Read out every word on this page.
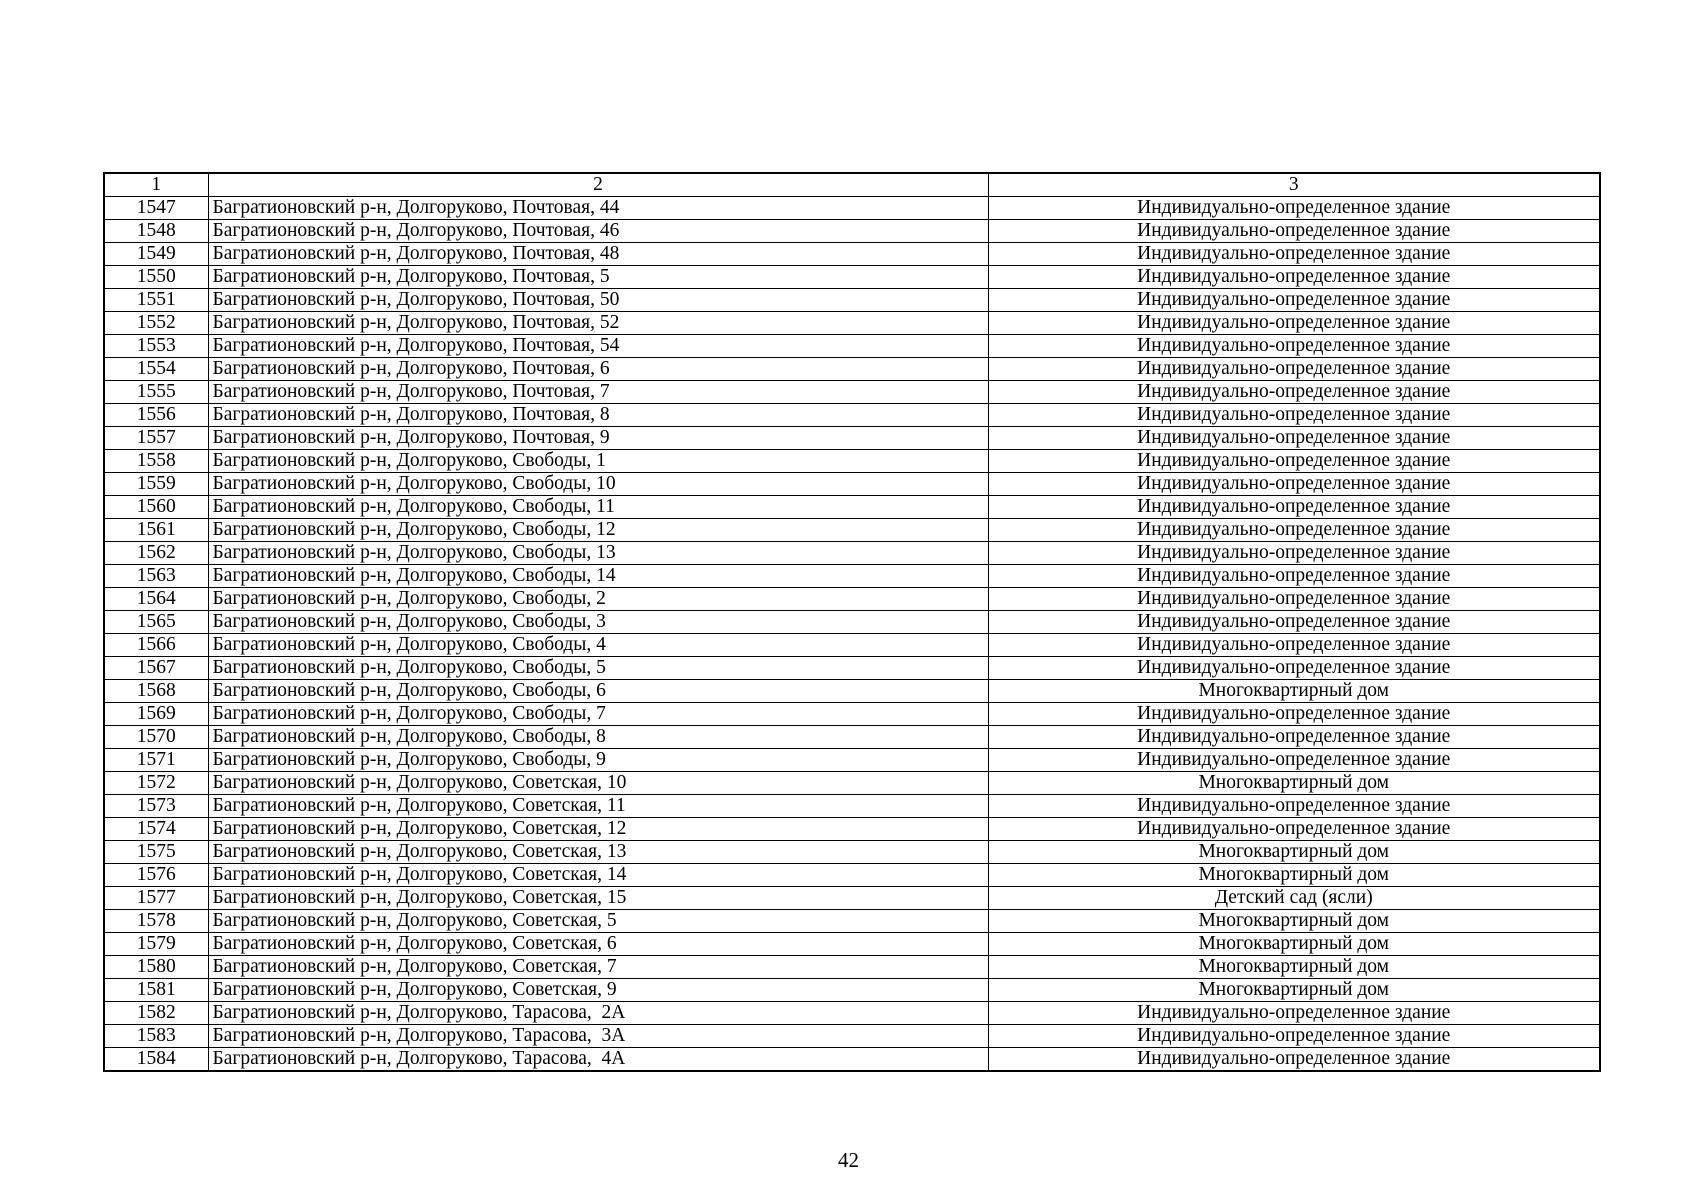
1	2	3
1547	Багратионовский р-н, Долгоруково, Почтовая, 44	Индивидуально-определенное здание
1548	Багратионовский р-н, Долгоруково, Почтовая, 46	Индивидуально-определенное здание
1549	Багратионовский р-н, Долгоруково, Почтовая, 48	Индивидуально-определенное здание
1550	Багратионовский р-н, Долгоруково, Почтовая, 5	Индивидуально-определенное здание
1551	Багратионовский р-н, Долгоруково, Почтовая, 50	Индивидуально-определенное здание
1552	Багратионовский р-н, Долгоруково, Почтовая, 52	Индивидуально-определенное здание
1553	Багратионовский р-н, Долгоруково, Почтовая, 54	Индивидуально-определенное здание
1554	Багратионовский р-н, Долгоруково, Почтовая, 6	Индивидуально-определенное здание
1555	Багратионовский р-н, Долгоруково, Почтовая, 7	Индивидуально-определенное здание
1556	Багратионовский р-н, Долгоруково, Почтовая, 8	Индивидуально-определенное здание
1557	Багратионовский р-н, Долгоруково, Почтовая, 9	Индивидуально-определенное здание
1558	Багратионовский р-н, Долгоруково, Свободы, 1	Индивидуально-определенное здание
1559	Багратионовский р-н, Долгоруково, Свободы, 10	Индивидуально-определенное здание
1560	Багратионовский р-н, Долгоруково, Свободы, 11	Индивидуально-определенное здание
1561	Багратионовский р-н, Долгоруково, Свободы, 12	Индивидуально-определенное здание
1562	Багратионовский р-н, Долгоруково, Свободы, 13	Индивидуально-определенное здание
1563	Багратионовский р-н, Долгоруково, Свободы, 14	Индивидуально-определенное здание
1564	Багратионовский р-н, Долгоруково, Свободы, 2	Индивидуально-определенное здание
1565	Багратионовский р-н, Долгоруково, Свободы, 3	Индивидуально-определенное здание
1566	Багратионовский р-н, Долгоруково, Свободы, 4	Индивидуально-определенное здание
1567	Багратионовский р-н, Долгоруково, Свободы, 5	Индивидуально-определенное здание
1568	Багратионовский р-н, Долгоруково, Свободы, 6	Многоквартирный дом
1569	Багратионовский р-н, Долгоруково, Свободы, 7	Индивидуально-определенное здание
1570	Багратионовский р-н, Долгоруково, Свободы, 8	Индивидуально-определенное здание
1571	Багратионовский р-н, Долгоруково, Свободы, 9	Индивидуально-определенное здание
1572	Багратионовский р-н, Долгоруково, Советская, 10	Многоквартирный дом
1573	Багратионовский р-н, Долгоруково, Советская, 11	Индивидуально-определенное здание
1574	Багратионовский р-н, Долгоруково, Советская, 12	Индивидуально-определенное здание
1575	Багратионовский р-н, Долгоруково, Советская, 13	Многоквартирный дом
1576	Багратионовский р-н, Долгоруково, Советская, 14	Многоквартирный дом
1577	Багратионовский р-н, Долгоруково, Советская, 15	Детский сад (ясли)
1578	Багратионовский р-н, Долгоруково, Советская, 5	Многоквартирный дом
1579	Багратионовский р-н, Долгоруково, Советская, 6	Многоквартирный дом
1580	Багратионовский р-н, Долгоруково, Советская, 7	Многоквартирный дом
1581	Багратионовский р-н, Долгоруково, Советская, 9	Многоквартирный дом
1582	Багратионовский р-н, Долгоруково, Тарасова,  2А	Индивидуально-определенное здание
1583	Багратионовский р-н, Долгоруково, Тарасова,  3А	Индивидуально-определенное здание
1584	Багратионовский р-н, Долгоруково, Тарасова,  4А	Индивидуально-определенное здание
42
